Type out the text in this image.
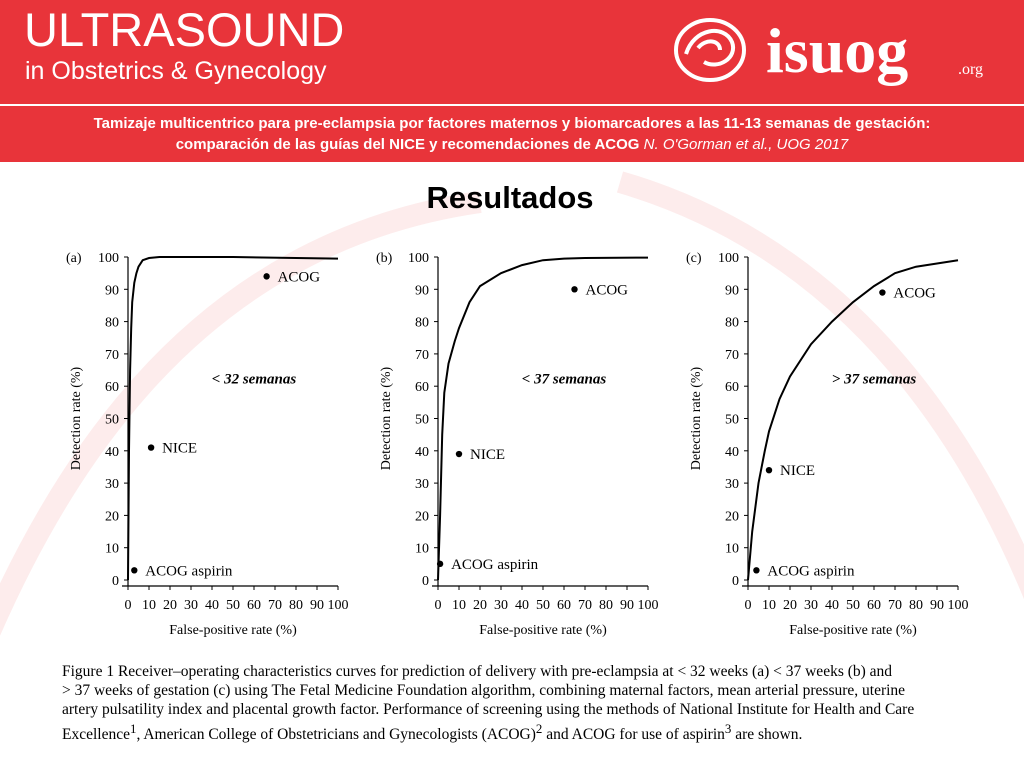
ULTRASOUND
in Obstetrics & Gynecology	isuog	.org
Tamizaje multicentrico para pre-eclampsia por factores maternos y biomarcadores a las 11-13 semanas de gestación:
comparación de las guías del NICE y recomendaciones de ACOG N. O'Gorman et al., UOG 2017
Resultados
0
10
20
30
40
50
60
70
80
90
100
0 10 20 30 40 50 60 70 80 90 100
(a)
False-positive rate (%)
Detection rate (%)
ACOG
NICE
ACOG aspirin
< 32 semanas
0
10
20
30
40
50
60
70
80
90
100
0 10 20 30 40 50 60 70 80 90 100
(b)
False-positive rate (%)
Detection rate (%)
ACOG
NICE
ACOG aspirin
< 37 semanas
0
10
20
30
40
50
60
70
80
90
100
0 10 20 30 40 50 60 70 80 90 100
(c)
False-positive rate (%)
Detection rate (%)
ACOG
NICE
ACOG aspirin
> 37 semanas
Figure 1 Receiver–operating characteristics curves for prediction of delivery with pre-eclampsia at < 32 weeks (a) < 37 weeks (b) and
> 37 weeks of gestation (c) using The Fetal Medicine Foundation algorithm, combining maternal factors, mean arterial pressure, uterine
artery pulsatility index and placental growth factor. Performance of screening using the methods of National Institute for Health and Care
Excellence$^1$, American College of Obstetricians and Gynecologists (ACOG)$^2$ and ACOG for use of aspirin$^3$ are shown.
